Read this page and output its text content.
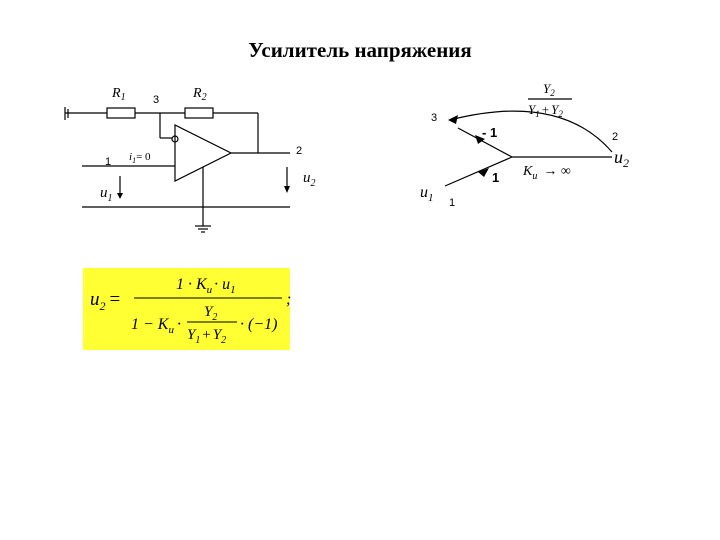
Усилитель напряжения
$R_1$	$R_2$
3
2
1 $i_1= 0$
$u_1$
$u_2$
3
2
1
- 1
1 $K_u$ → ∞
$Y_2$
$Y_1 + Y_2$
$u_1$
$u_2$
$u_2$ =
$1 \cdot K_u \cdot u_1$
;
$1 - K_u$ ·
$Y_2$
$Y_1 + Y_2$
· (−1)
